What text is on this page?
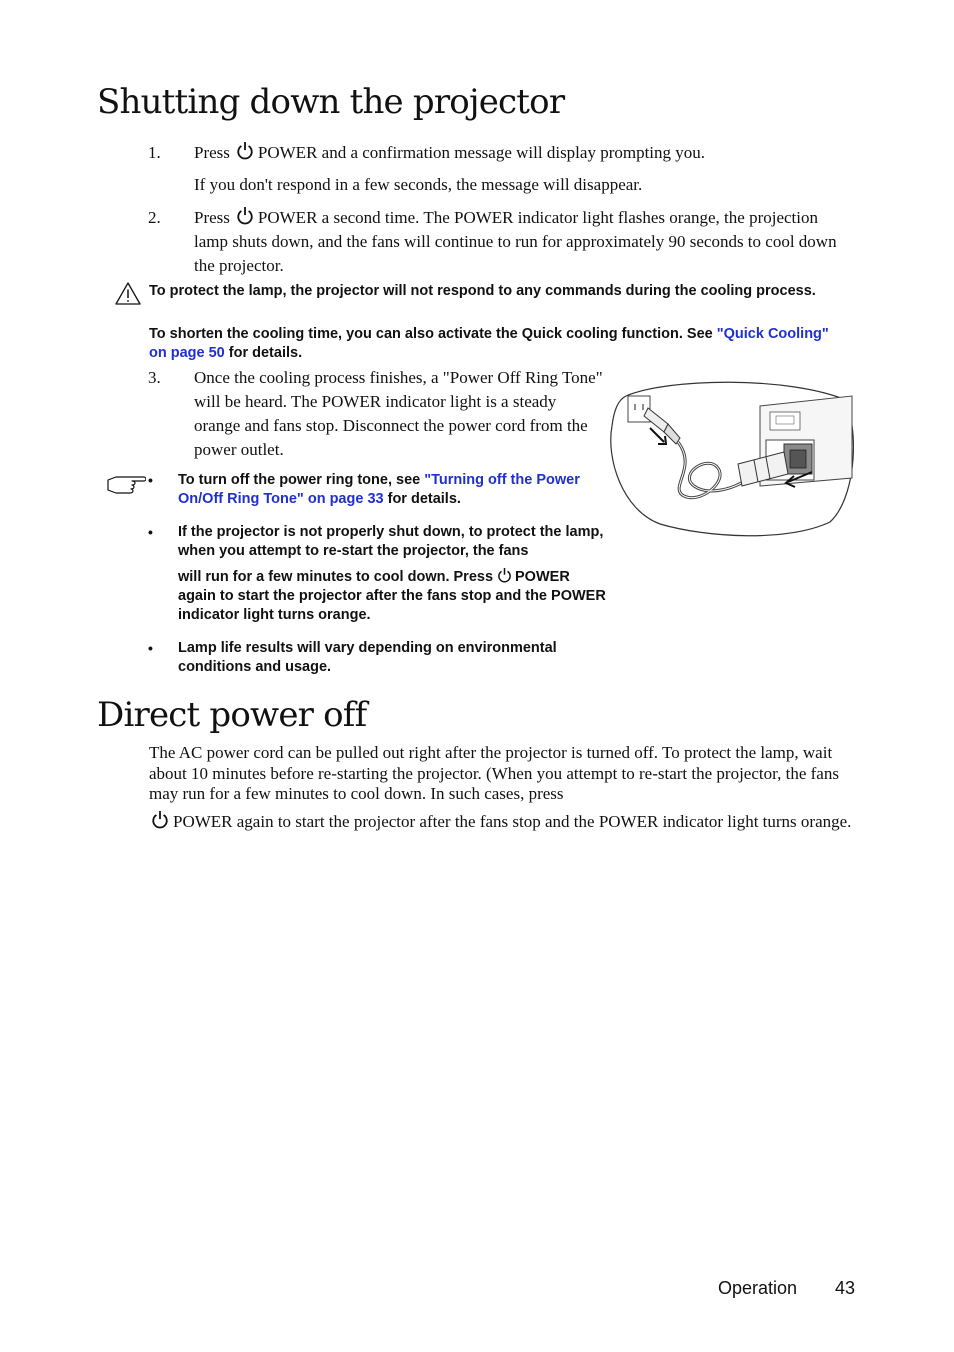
Shutting down the projector
1. Press POWER and a confirmation message will display prompting you.
If you don't respond in a few seconds, the message will disappear.
2. Press POWER a second time. The POWER indicator light flashes orange, the projection lamp shuts down, and the fans will continue to run for approximately 90 seconds to cool down the projector.
To protect the lamp, the projector will not respond to any commands during the cooling process.
To shorten the cooling time, you can also activate the Quick cooling function. See "Quick Cooling" on page 50 for details.
3. Once the cooling process finishes, a "Power Off Ring Tone" will be heard. The POWER indicator light is a steady orange and fans stop. Disconnect the power cord from the power outlet.
• To turn off the power ring tone, see "Turning off the Power On/Off Ring Tone" on page 33 for details.
• If the projector is not properly shut down, to protect the lamp, when you attempt to re-start the projector, the fans
will run for a few minutes to cool down. Press POWER again to start the projector after the fans stop and the POWER indicator light turns orange.
• Lamp life results will vary depending on environmental conditions and usage.
Direct power off
The AC power cord can be pulled out right after the projector is turned off. To protect the lamp, wait about 10 minutes before re-starting the projector. (When you attempt to re-start the projector, the fans may run for a few minutes to cool down. In such cases, press
POWER again to start the projector after the fans stop and the POWER indicator light turns orange.
Operation 43
